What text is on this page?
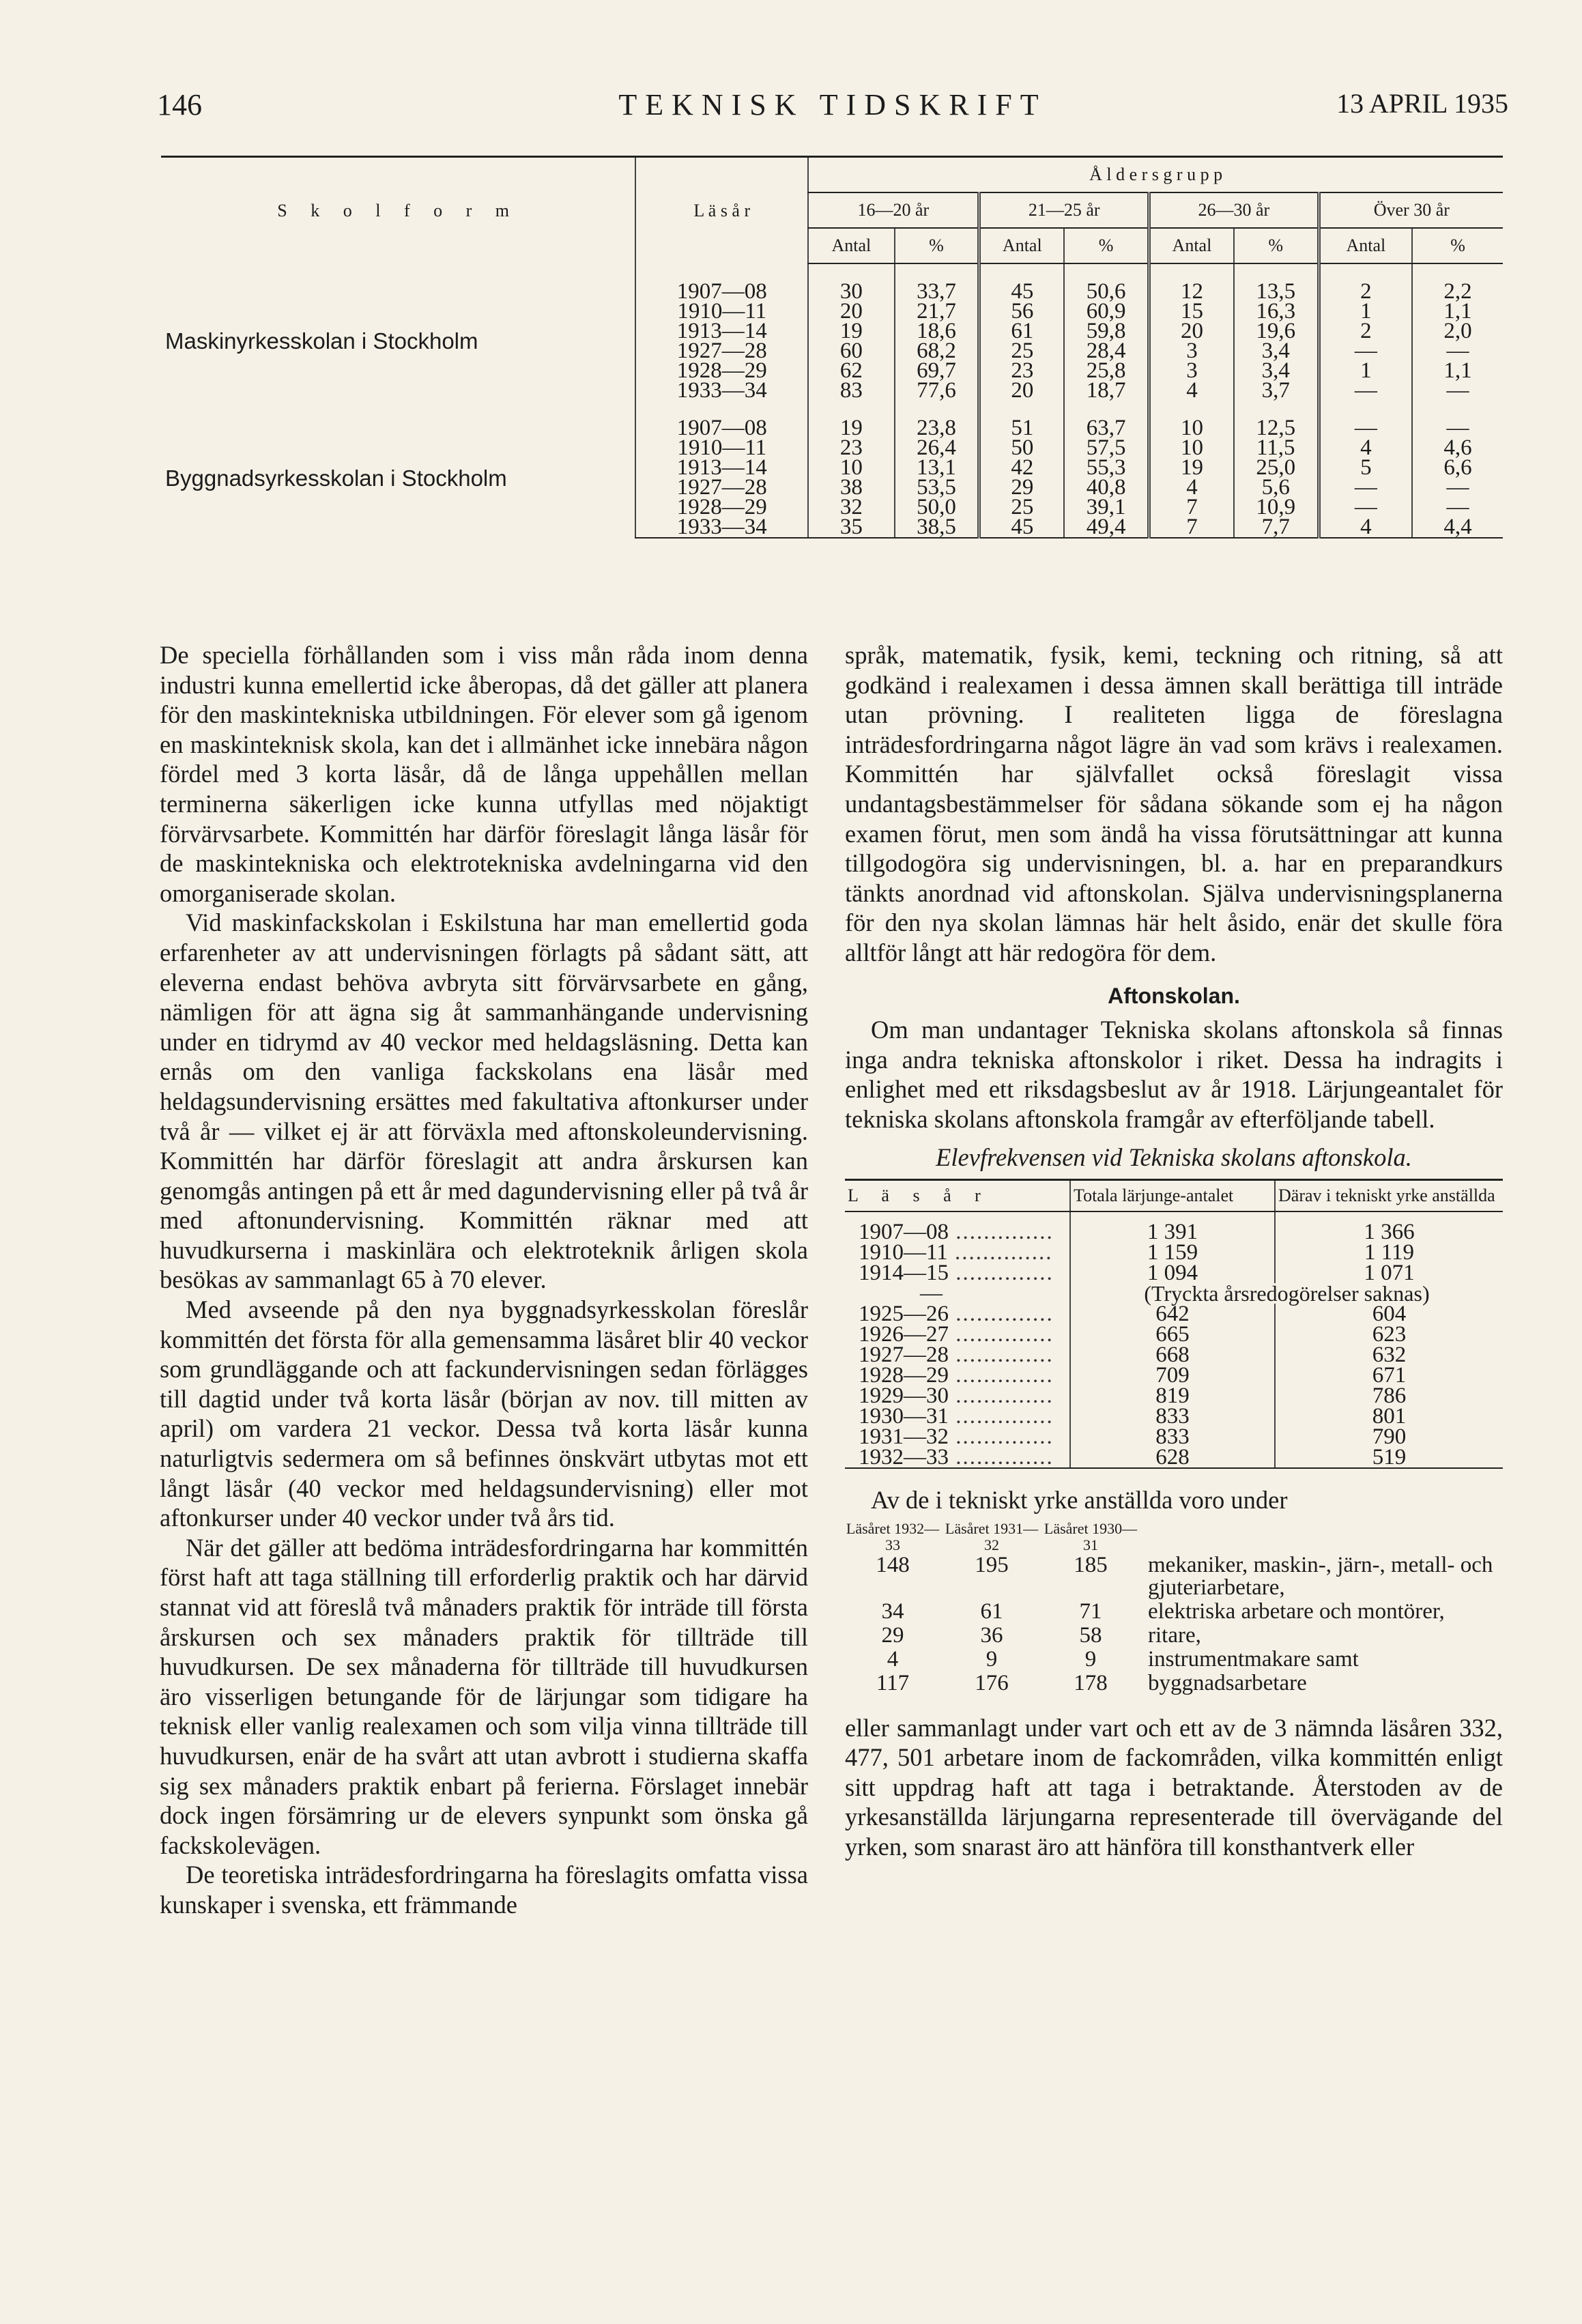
146	TEKNISK TIDSKRIFT	13 APRIL 1935
S k o l f o r m	L ä s å r	Å l d e r s g r u p p							
		16—20 år		21—25 år		26—30 år		Över 30 år	
		Antal	%	Antal	%	Antal	%	Antal	%

Maskinyrkesskolan i Stockholm	1907—08	30	33,7	45	50,6	12	13,5	2	2,2
	1910—11	20	21,7	56	60,9	15	16,3	1	1,1
	1913—14	19	18,6	61	59,8	20	19,6	2	2,0
	1927—28	60	68,2	25	28,4	3	3,4	—	—
	1928—29	62	69,7	23	25,8	3	3,4	1	1,1
	1933—34	83	77,6	20	18,7	4	3,7	—	—

Byggnadsyrkesskolan i Stockholm	1907—08	19	23,8	51	63,7	10	12,5	—	—
	1910—11	23	26,4	50	57,5	10	11,5	4	4,6
	1913—14	10	13,1	42	55,3	19	25,0	5	6,6
	1927—28	38	53,5	29	40,8	4	5,6	—	—
	1928—29	32	50,0	25	39,1	7	10,9	—	—
	1933—34	35	38,5	45	49,4	7	7,7	4	4,4

De speciella förhållanden som i viss mån råda inom denna industri kunna emellertid icke åberopas, då det gäller att planera för den maskintekniska utbildningen. För elever som gå igenom en maskinteknisk skola, kan det i allmänhet icke innebära någon fördel med 3 korta läsår, då de långa uppehållen mellan terminerna säkerligen icke kunna utfyllas med nöjaktigt förvärvsarbete. Kommittén har därför föreslagit långa läsår för de maskintekniska och elektrotekniska avdelningarna vid den omorganiserade skolan.

Vid maskinfackskolan i Eskilstuna har man emellertid goda erfarenheter av att undervisningen förlagts på sådant sätt, att eleverna endast behöva avbryta sitt förvärvsarbete en gång, nämligen för att ägna sig åt sammanhängande undervisning under en tidrymd av 40 veckor med heldagsläsning. Detta kan ernås om den vanliga fackskolans ena läsår med heldagsundervisning ersättes med fakultativa aftonkurser under två år — vilket ej är att förväxla med aftonskoleundervisning. Kommittén har därför föreslagit att andra årskursen kan genomgås antingen på ett år med dagundervisning eller på två år med aftonundervisning. Kommittén räknar med att huvudkurserna i maskinlära och elektroteknik årligen skola besökas av sammanlagt 65 à 70 elever.

Med avseende på den nya byggnadsyrkesskolan föreslår kommittén det första för alla gemensamma läsåret blir 40 veckor som grundläggande och att fackundervisningen sedan förlägges till dagtid under två korta läsår (början av nov. till mitten av april) om vardera 21 veckor. Dessa två korta läsår kunna naturligtvis sedermera om så befinnes önskvärt utbytas mot ett långt läsår (40 veckor med heldagsundervisning) eller mot aftonkurser under 40 veckor under två års tid.

När det gäller att bedöma inträdesfordringarna har kommittén först haft att taga ställning till erforderlig praktik och har därvid stannat vid att föreslå två månaders praktik för inträde till första årskursen och sex månaders praktik för tillträde till huvudkursen. De sex månaderna för tillträde till huvudkursen äro visserligen betungande för de lärjungar som tidigare ha teknisk eller vanlig realexamen och som vilja vinna tillträde till huvudkursen, enär de ha svårt att utan avbrott i studierna skaffa sig sex månaders praktik enbart på ferierna. Förslaget innebär dock ingen försämring ur de elevers synpunkt som önska gå fackskolevägen.

De teoretiska inträdesfordringarna ha föreslagits omfatta vissa kunskaper i svenska, ett främmande

språk, matematik, fysik, kemi, teckning och ritning, så att godkänd i realexamen i dessa ämnen skall berättiga till inträde utan prövning. I realiteten ligga de föreslagna inträdesfordringarna något lägre än vad som krävs i realexamen. Kommittén har självfallet också föreslagit vissa undantagsbestämmelser för sådana sökande som ej ha någon examen förut, men som ändå ha vissa förutsättningar att kunna tillgodogöra sig undervisningen, bl. a. har en preparandkurs tänkts anordnad vid aftonskolan. Själva undervisningsplanerna för den nya skolan lämnas här helt åsido, enär det skulle föra alltför långt att här redogöra för dem.

Aftonskolan.

Om man undantager Tekniska skolans aftonskola så finnas inga andra tekniska aftonskolor i riket. Dessa ha indragits i enlighet med ett riksdagsbeslut av år 1918. Lärjungeantalet för tekniska skolans aftonskola framgår av efterföljande tabell.

Elevfrekvensen vid Tekniska skolans aftonskola.
L ä s å r	Totala lärjunge-antalet	Därav i tekniskt yrke anställda
1907—08 ..............	1 391	1 366
1910—11 ..............	1 159	1 119
1914—15 ..............	1 094	1 071
—	(Tryckta årsredogörelser saknas)	
1925—26 ..............	642	604
1926—27 ..............	665	623
1927—28 ..............	668	632
1928—29 ..............	709	671
1929—30 ..............	819	786
1930—31 ..............	833	801
1931—32 ..............	833	790
1932—33 ..............	628	519

Av de i tekniskt yrke anställda voro under

Läsåret 1932—33	Läsåret 1931—32	Läsåret 1930—31	
148	195	185	mekaniker, maskin-, järn-, metall- och gjuteriarbetare,
34	61	71	elektriska arbetare och montörer,
29	36	58	ritare,
4	9	9	instrumentmakare samt
117	176	178	byggnadsarbetare

eller sammanlagt under vart och ett av de 3 nämnda läsåren 332, 477, 501 arbetare inom de fackområden, vilka kommittén enligt sitt uppdrag haft att taga i betraktande. Återstoden av de yrkesanställda lärjungarna representerade till övervägande del yrken, som snarast äro att hänföra till konsthantverk eller
